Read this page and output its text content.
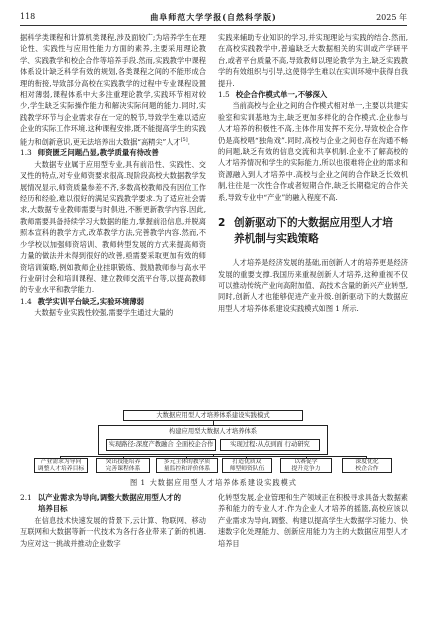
118	曲阜师范大学学报(自然科学版)	2025 年

据科学类课程和计算机类课程,涉及面较广;为培养学生在理论性、实践性与应用性能力方面的素养,主要采用理论教学、实践教学和校企合作等培养手段.然而,实践教学中课程体系设计缺乏科学有效的规划,各类课程之间的不能形成合理的衔接,导致部分高校在实践教学的过程中专业课程设置相对薄弱,课程体系中大多注重理论教学,实践环节相对较少,学生缺乏实际操作能力和解决实际问题的能力.同时,实践教学环节与企业需求存在一定的脱节,导致学生难以适应企业的实际工作环境.这种课程安排,既不能提高学生的实践能力和创新意识,更无法培养出大数据“高精尖”人才[5].

1.3 师资匮乏问题凸显,教学质量有待改善

大数据专业属于应用型专业,具有前沿性、实践性、交叉性的特点,对专业师资要求很高.现阶段高校大数据教学发展情况显示,师资质量参差不齐,多数高校教师没有因位工作经历和经验,难以很好的满足实践教学要求.为了适应社会需求,大数据专业教师需要与时俱进,不断更新教学内容.因此,教师需要具备持续学习大数据的能力,掌握前沿信息,并脱离照本宣科的教学方式,改革教学方法,完善教学内容.然而,不少学校以加强师资培训、教师转型发展的方式来提高师资力量的做法并未得到很好的改善,亟需要采取更加有效的师资培训策略,例如教师企业挂职锻炼、鼓励教师参与高水平行业研讨会和培训课程、建立教师交流平台等,以提高教师的专业水平和教学能力.

1.4 教学实训平台缺乏,实验环境薄弱

大数据专业实践性较强,需要学生通过大量的

实践来辅助专业知识的学习,并实现理论与实践的结合.然而,在高校实践教学中,普遍缺乏大数据相关的实训或产学研平台,或者平台质量不高,导致教师以理论教学为主,缺乏实践教学的有效组织与引导,这使得学生难以在实训环境中获得自我提升.

1.5 校企合作模式单一,不够深入

当前高校与企业之间的合作模式相对单一,主要以共建实验室和实训基地为主,缺乏更加多样化的合作模式.企业参与人才培养的积极性不高,主体作用发挥不充分,导致校企合作仍是高校唱“独角戏”.同时,高校与企业之间也存在沟通不畅的问题,缺乏有效的信息交流和共享机制.企业不了解高校的人才培养情况和学生的实际能力,所以也很难将企业的需求和资源融入到人才培养中.高校与企业之间的合作缺乏长效机制,往往是一次性合作或者短期合作,缺乏长期稳定的合作关系,导致专业中“产业”的融入程度不高.

2 创新驱动下的大数据应用型人才培
养机制与实践策略

人才培养是经济发展的基础,而创新人才的培养更是经济发展的重要支撑.我国历来重视创新人才培养,这种重视不仅可以推动传统产业向高附加值、高技术含量的新兴产业转型,同时,创新人才也能够促进产业升级.创新驱动下的大数据应用型人才培养体系建设实践模式如图 1 所示.

大数据应用型人才培养体系建设实践模式
构建应用型大数据人才培养体系
实现路径:深度产教融合 全面校企合作	实现过程:从点到面 行动研究
产业需求为导向
调整人才培养目标
突出技能培养
完善课程体系
多元主体的教学质
量监控和评价体系
打造优质双
师型师资队伍
以赛促学
提升竞争力
深度优化
校企合作
图 1 大数据应用型人才培养体系建设实践模式
2.1 以产业需求为导向,调整大数据应用型人才的
培养目标

在信息技术快速发展的背景下,云计算、物联网、移动互联网和大数据等新一代技术为各行各业带来了新的机遇.为应对这一挑战并推动企业数字

化转型发展,企业管理和生产领域正在积极寻求具备大数据素养和能力的专业人才.作为企业人才培养的摇篮,高校应该以产业需求为导向,调整、构建以提高学生大数据学习能力、快速数字化处理能力、创新应用能力为主的大数据应用型人才培养目
